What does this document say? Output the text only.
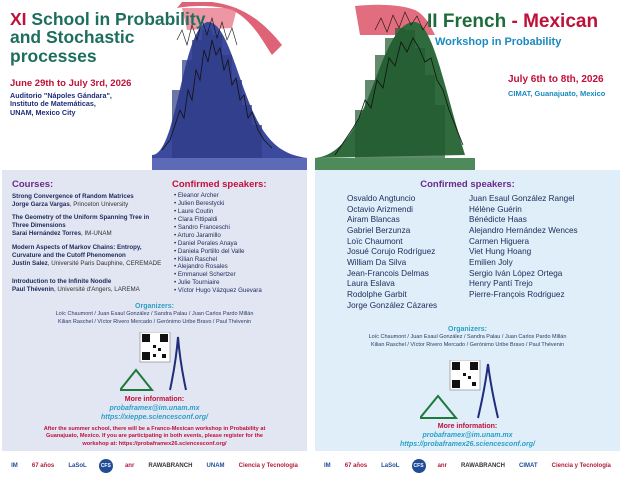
XI School in Probability
and Stochastic
processes
June 29th to July 3rd, 2026
Auditorio "Nápoles Gándara",
Instituto de Matemáticas,
UNAM, Mexico City
Courses:
Strong Convergence of Random Matrices
Jorge Garza Vargas, Princeton University
The Geometry of the Uniform Spanning Tree in Three Dimensions
Sarai Hernández Torres, IM-UNAM
Modern Aspects of Markov Chains: Entropy, Curvature and the Cutoff Phenomenon
Justin Salez, Université Paris Dauphine, CEREMADE
Introduction to the Infinite Noodle
Paul Thévenin, Université d'Angers, LAREMA
Confirmed speakers:
• Eleanor Archer
• Julien Berestycki
• Laure Coutin
• Clara Fittipaldi
• Sandro Franceschi
• Arturo Jaramillo
• Daniel Perales Anaya
• Daniela Portillo del Valle
• Kilian Raschel
• Alejandro Rosales
• Emmanuel Schertzer
• Julie Tourniaire
• Víctor Hugo Vázquez Guevara
Organizers:
Loïc Chaumont / Juan Esaul González / Sandra Palau / Juan Carlos Pardo Millán
Kilian Raschel / Víctor Rivero Mercado / Gerónimo Uribe Bravo / Paul Thévenin
More information:
probaframex@im.unam.mx
https://xieppe.sciencesconf.org/
After the summer school, there will be a Franco-Mexican workshop in Probability at
Guanajuato, Mexico. If you are participating in both events, please register for the
workshop at: https://probaframex26.sciencesconf.org/
IM	67 años	LaSoL	CFS	anr	RAWABRANCH	UNAM	Ciencia y Tecnología
II French - Mexican
Workshop in Probability
July 6th to 8th, 2026
CIMAT, Guanajuato, Mexico
Confirmed speakers:
Osvaldo Angtuncio
Octavio Arizmendi
Airam Blancas
Gabriel Berzunza
Loïc Chaumont
Josué Corujo Rodríguez
William Da Silva
Jean-Francois Delmas
Laura Eslava
Rodolphe Garbit
Jorge González Cázares
Juan Esaul González Rangel
Hélène Guérin
Bénédicte Haas
Alejandro Hernández Wences
Carmen Higuera
Viet Hung Hoang
Emilien Joly
Sergio Iván López Ortega
Henry Pantí Trejo
Pierre-François Rodriguez
Organizers:
Loïc Chaumont / Juan Esaul González / Sandra Palau / Juan Carlos Pardo Millán
Kilian Raschel / Víctor Rivero Mercado / Gerónimo Uribe Bravo / Paul Thévenin
More information:
probaframex@im.unam.mx
https://probaframex26.sciencesconf.org/
IM	67 años	LaSoL	CFS	anr	RAWABRANCH	CIMAT	Ciencia y Tecnología
